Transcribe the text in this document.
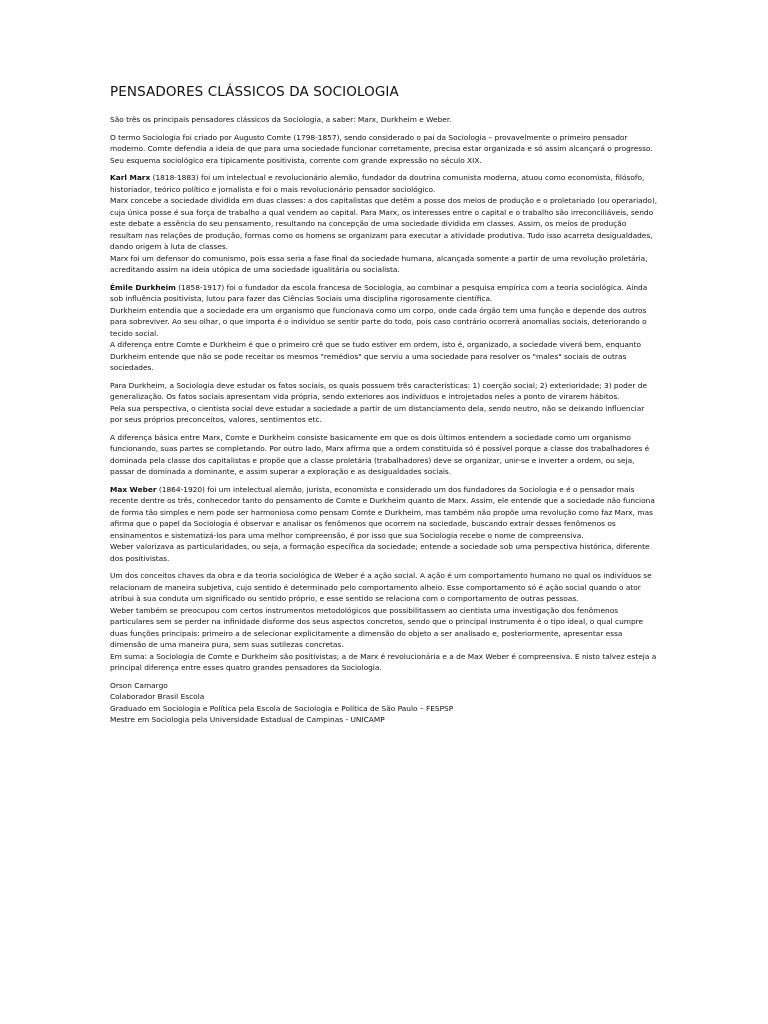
PENSADORES CLÁSSICOS DA SOCIOLOGIA

São três os principais pensadores clássicos da Sociologia, a saber: Marx, Durkheim e Weber.

O termo Sociologia foi criado por Augusto Comte (1798-1857), sendo considerado o pai da Sociologia – provavelmente o primeiro pensador moderno. Comte defendia a ideia de que para uma sociedade funcionar corretamente, precisa estar organizada e só assim alcançará o progresso. Seu esquema sociológico era tipicamente positivista, corrente com grande expressão no século XIX.

Karl Marx (1818-1883) foi um intelectual e revolucionário alemão, fundador da doutrina comunista moderna, atuou como economista, filósofo, historiador, teórico político e jornalista e foi o mais revolucionário pensador sociológico.

Marx concebe a sociedade dividida em duas classes: a dos capitalistas que detêm a posse dos meios de produção e o proletariado (ou operariado), cuja única posse é sua força de trabalho a qual vendem ao capital. Para Marx, os interesses entre o capital e o trabalho são irreconciliáveis, sendo este debate a essência do seu pensamento, resultando na concepção de uma sociedade dividida em classes. Assim, os meios de produção resultam nas relações de produção, formas como os homens se organizam para executar a atividade produtiva. Tudo isso acarreta desigualdades, dando origem à luta de classes.

Marx foi um defensor do comunismo, pois essa seria a fase final da sociedade humana, alcançada somente a partir de uma revolução proletária, acreditando assim na ideia utópica de uma sociedade igualitária ou socialista.

Émile Durkheim (1858-1917) foi o fundador da escola francesa de Sociologia, ao combinar a pesquisa empírica com a teoria sociológica. Ainda sob influência positivista, lutou para fazer das Ciências Sociais uma disciplina rigorosamente científica.

Durkheim entendia que a sociedade era um organismo que funcionava como um corpo, onde cada órgão tem uma função e depende dos outros para sobreviver. Ao seu olhar, o que importa é o indivíduo se sentir parte do todo, pois caso contrário ocorrerá anomalias sociais, deteriorando o tecido social.

A diferença entre Comte e Durkheim é que o primeiro crê que se tudo estiver em ordem, isto é, organizado, a sociedade viverá bem, enquanto Durkheim entende que não se pode receitar os mesmos "remédios" que serviu a uma sociedade para resolver os "males" sociais de outras sociedades.

Para Durkheim, a Sociologia deve estudar os fatos sociais, os quais possuem três características: 1) coerção social; 2) exterioridade; 3) poder de generalização. Os fatos sociais apresentam vida própria, sendo exteriores aos indivíduos e introjetados neles a ponto de virarem hábitos.

Pela sua perspectiva, o cientista social deve estudar a sociedade a partir de um distanciamento dela, sendo neutro, não se deixando influenciar por seus próprios preconceitos, valores, sentimentos etc.

A diferença básica entre Marx, Comte e Durkheim consiste basicamente em que os dois últimos entendem a sociedade como um organismo funcionando, suas partes se completando. Por outro lado, Marx afirma que a ordem constituída só é possível porque a classe dos trabalhadores é dominada pela classe dos capitalistas e propõe que a classe proletária (trabalhadores) deve se organizar, unir-se e inverter a ordem, ou seja, passar de dominada a dominante, e assim superar a exploração e as desigualdades sociais.

Max Weber (1864-1920) foi um intelectual alemão, jurista, economista e considerado um dos fundadores da Sociologia e é o pensador mais recente dentre os três, conhecedor tanto do pensamento de Comte e Durkheim quanto de Marx. Assim, ele entende que a sociedade não funciona de forma tão simples e nem pode ser harmoniosa como pensam Comte e Durkheim, mas também não propõe uma revolução como faz Marx, mas afirma que o papel da Sociologia é observar e analisar os fenômenos que ocorrem na sociedade, buscando extrair desses fenômenos os ensinamentos e sistematizá-los para uma melhor compreensão, é por isso que sua Sociologia recebe o nome de compreensiva.

Weber valorizava as particularidades, ou seja, a formação específica da sociedade; entende a sociedade sob uma perspectiva histórica, diferente dos positivistas.

Um dos conceitos chaves da obra e da teoria sociológica de Weber é a ação social. A ação é um comportamento humano no qual os indivíduos se relacionam de maneira subjetiva, cujo sentido é determinado pelo comportamento alheio. Esse comportamento só é ação social quando o ator atribui à sua conduta um significado ou sentido próprio, e esse sentido se relaciona com o comportamento de outras pessoas.

Weber também se preocupou com certos instrumentos metodológicos que possibilitassem ao cientista uma investigação dos fenômenos particulares sem se perder na infinidade disforme dos seus aspectos concretos, sendo que o principal instrumento é o tipo ideal, o qual cumpre duas funções principais: primeiro a de selecionar explicitamente a dimensão do objeto a ser analisado e, posteriormente, apresentar essa dimensão de uma maneira pura, sem suas sutilezas concretas.

Em suma: a Sociologia de Comte e Durkheim são positivistas; a de Marx é revolucionária e a de Max Weber é compreensiva. E nisto talvez esteja a principal diferença entre esses quatro grandes pensadores da Sociologia.

Orson Camargo
Colaborador Brasil Escola
Graduado em Sociologia e Política pela Escola de Sociologia e Política de São Paulo – FESPSP
Mestre em Sociologia pela Universidade Estadual de Campinas - UNICAMP
